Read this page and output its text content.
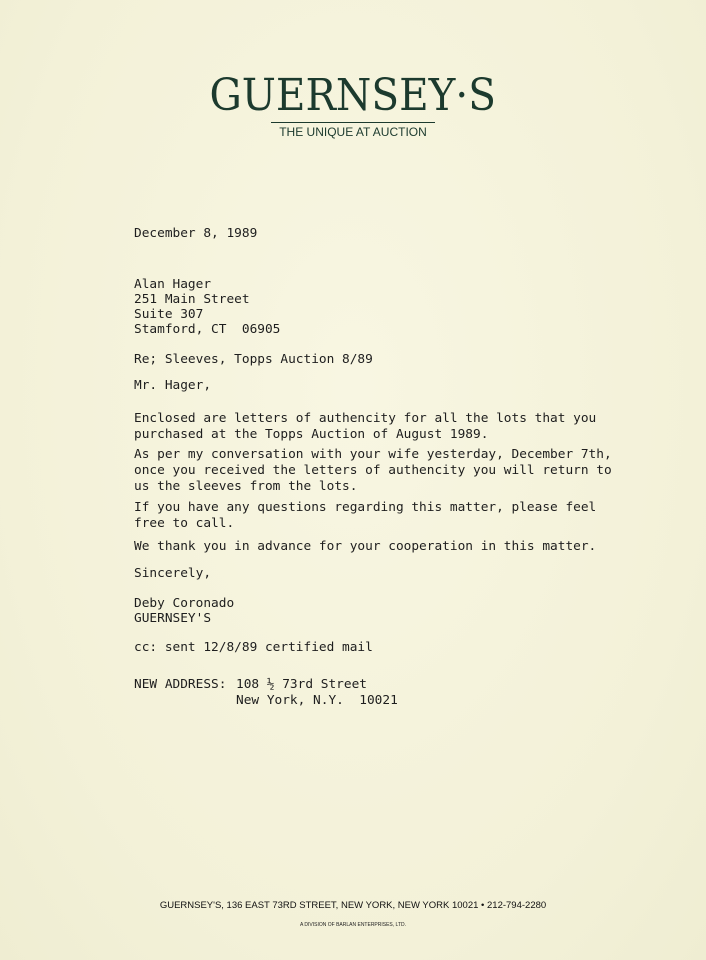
GUERNSEY·S
THE UNIQUE AT AUCTION
December 8, 1989
Alan Hager
251 Main Street
Suite 307
Stamford, CT  06905
Re; Sleeves, Topps Auction 8/89
Mr. Hager,
Enclosed are letters of authencity for all the lots that you
purchased at the Topps Auction of August 1989.
As per my conversation with your wife yesterday, December 7th,
once you received the letters of authencity you will return to
us the sleeves from the lots.
If you have any questions regarding this matter, please feel
free to call.
We thank you in advance for your cooperation in this matter.
Sincerely,
Deby Coronado
GUERNSEY'S
cc: sent 12/8/89 certified mail
NEW ADDRESS: 108 ½ 73rd Street
New York, N.Y.  10021
GUERNSEY'S, 136 EAST 73RD STREET, NEW YORK, NEW YORK 10021 • 212-794-2280
A DIVISION OF BARLAN ENTERPRISES, LTD.
